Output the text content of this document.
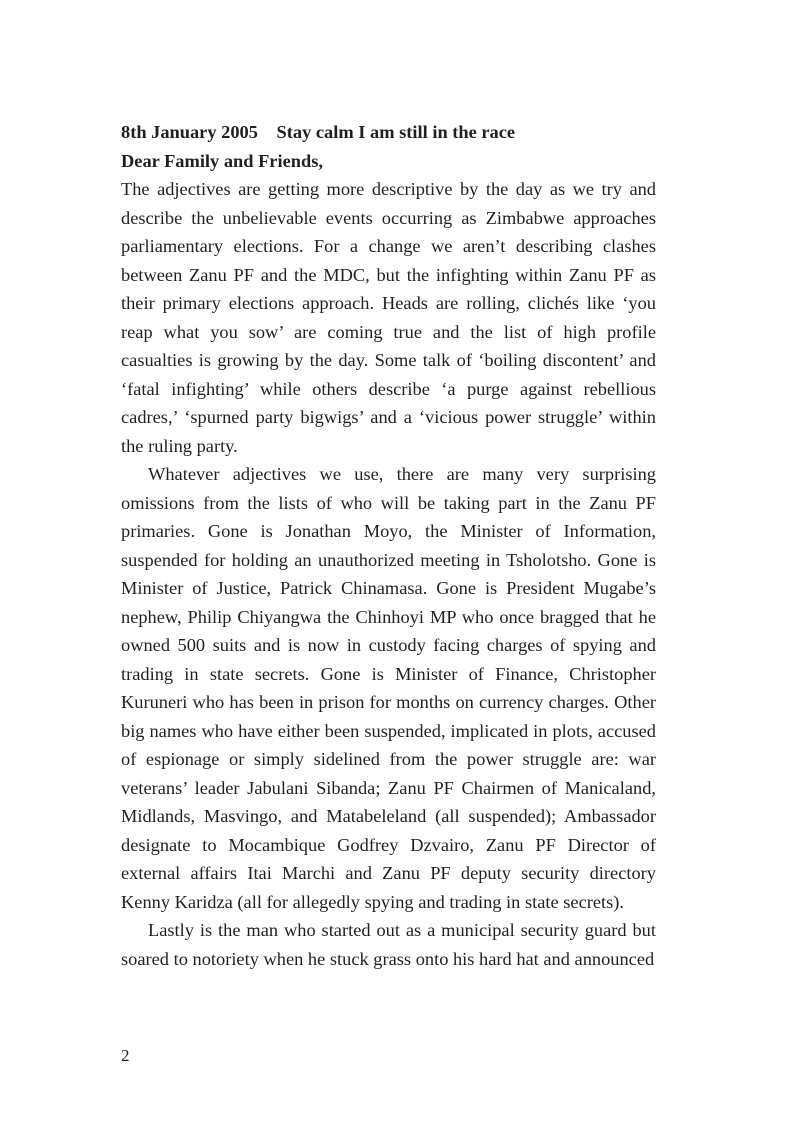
8th January 2005 Stay calm I am still in the race

Dear Family and Friends,

The adjectives are getting more descriptive by the day as we try and describe the unbelievable events occurring as Zimbabwe approaches parliamentary elections. For a change we aren’t describing clashes between Zanu PF and the MDC, but the infighting within Zanu PF as their primary elections approach. Heads are rolling, clichés like ‘you reap what you sow’ are coming true and the list of high profile casualties is growing by the day. Some talk of ‘boiling discontent’ and ‘fatal infighting’ while others describe ‘a purge against rebellious cadres,’ ‘spurned party bigwigs’ and a ‘vicious power struggle’ within the ruling party.

Whatever adjectives we use, there are many very surprising omissions from the lists of who will be taking part in the Zanu PF primaries. Gone is Jonathan Moyo, the Minister of Information, suspended for holding an unauthorized meeting in Tsholotsho. Gone is Minister of Justice, Patrick Chinamasa. Gone is President Mugabe’s nephew, Philip Chiyangwa the Chinhoyi MP who once bragged that he owned 500 suits and is now in custody facing charges of spying and trading in state secrets. Gone is Minister of Finance, Christopher Kuruneri who has been in prison for months on currency charges. Other big names who have either been suspended, implicated in plots, accused of espionage or simply sidelined from the power struggle are: war veterans’ leader Jabulani Sibanda; Zanu PF Chairmen of Manicaland, Midlands, Masvingo, and Matabeleland (all suspended); Ambassador designate to Mocambique Godfrey Dzvairo, Zanu PF Director of external affairs Itai Marchi and Zanu PF deputy security directory Kenny Karidza (all for allegedly spying and trading in state secrets).

Lastly is the man who started out as a municipal security guard but soared to notoriety when he stuck grass onto his hard hat and announced

2
